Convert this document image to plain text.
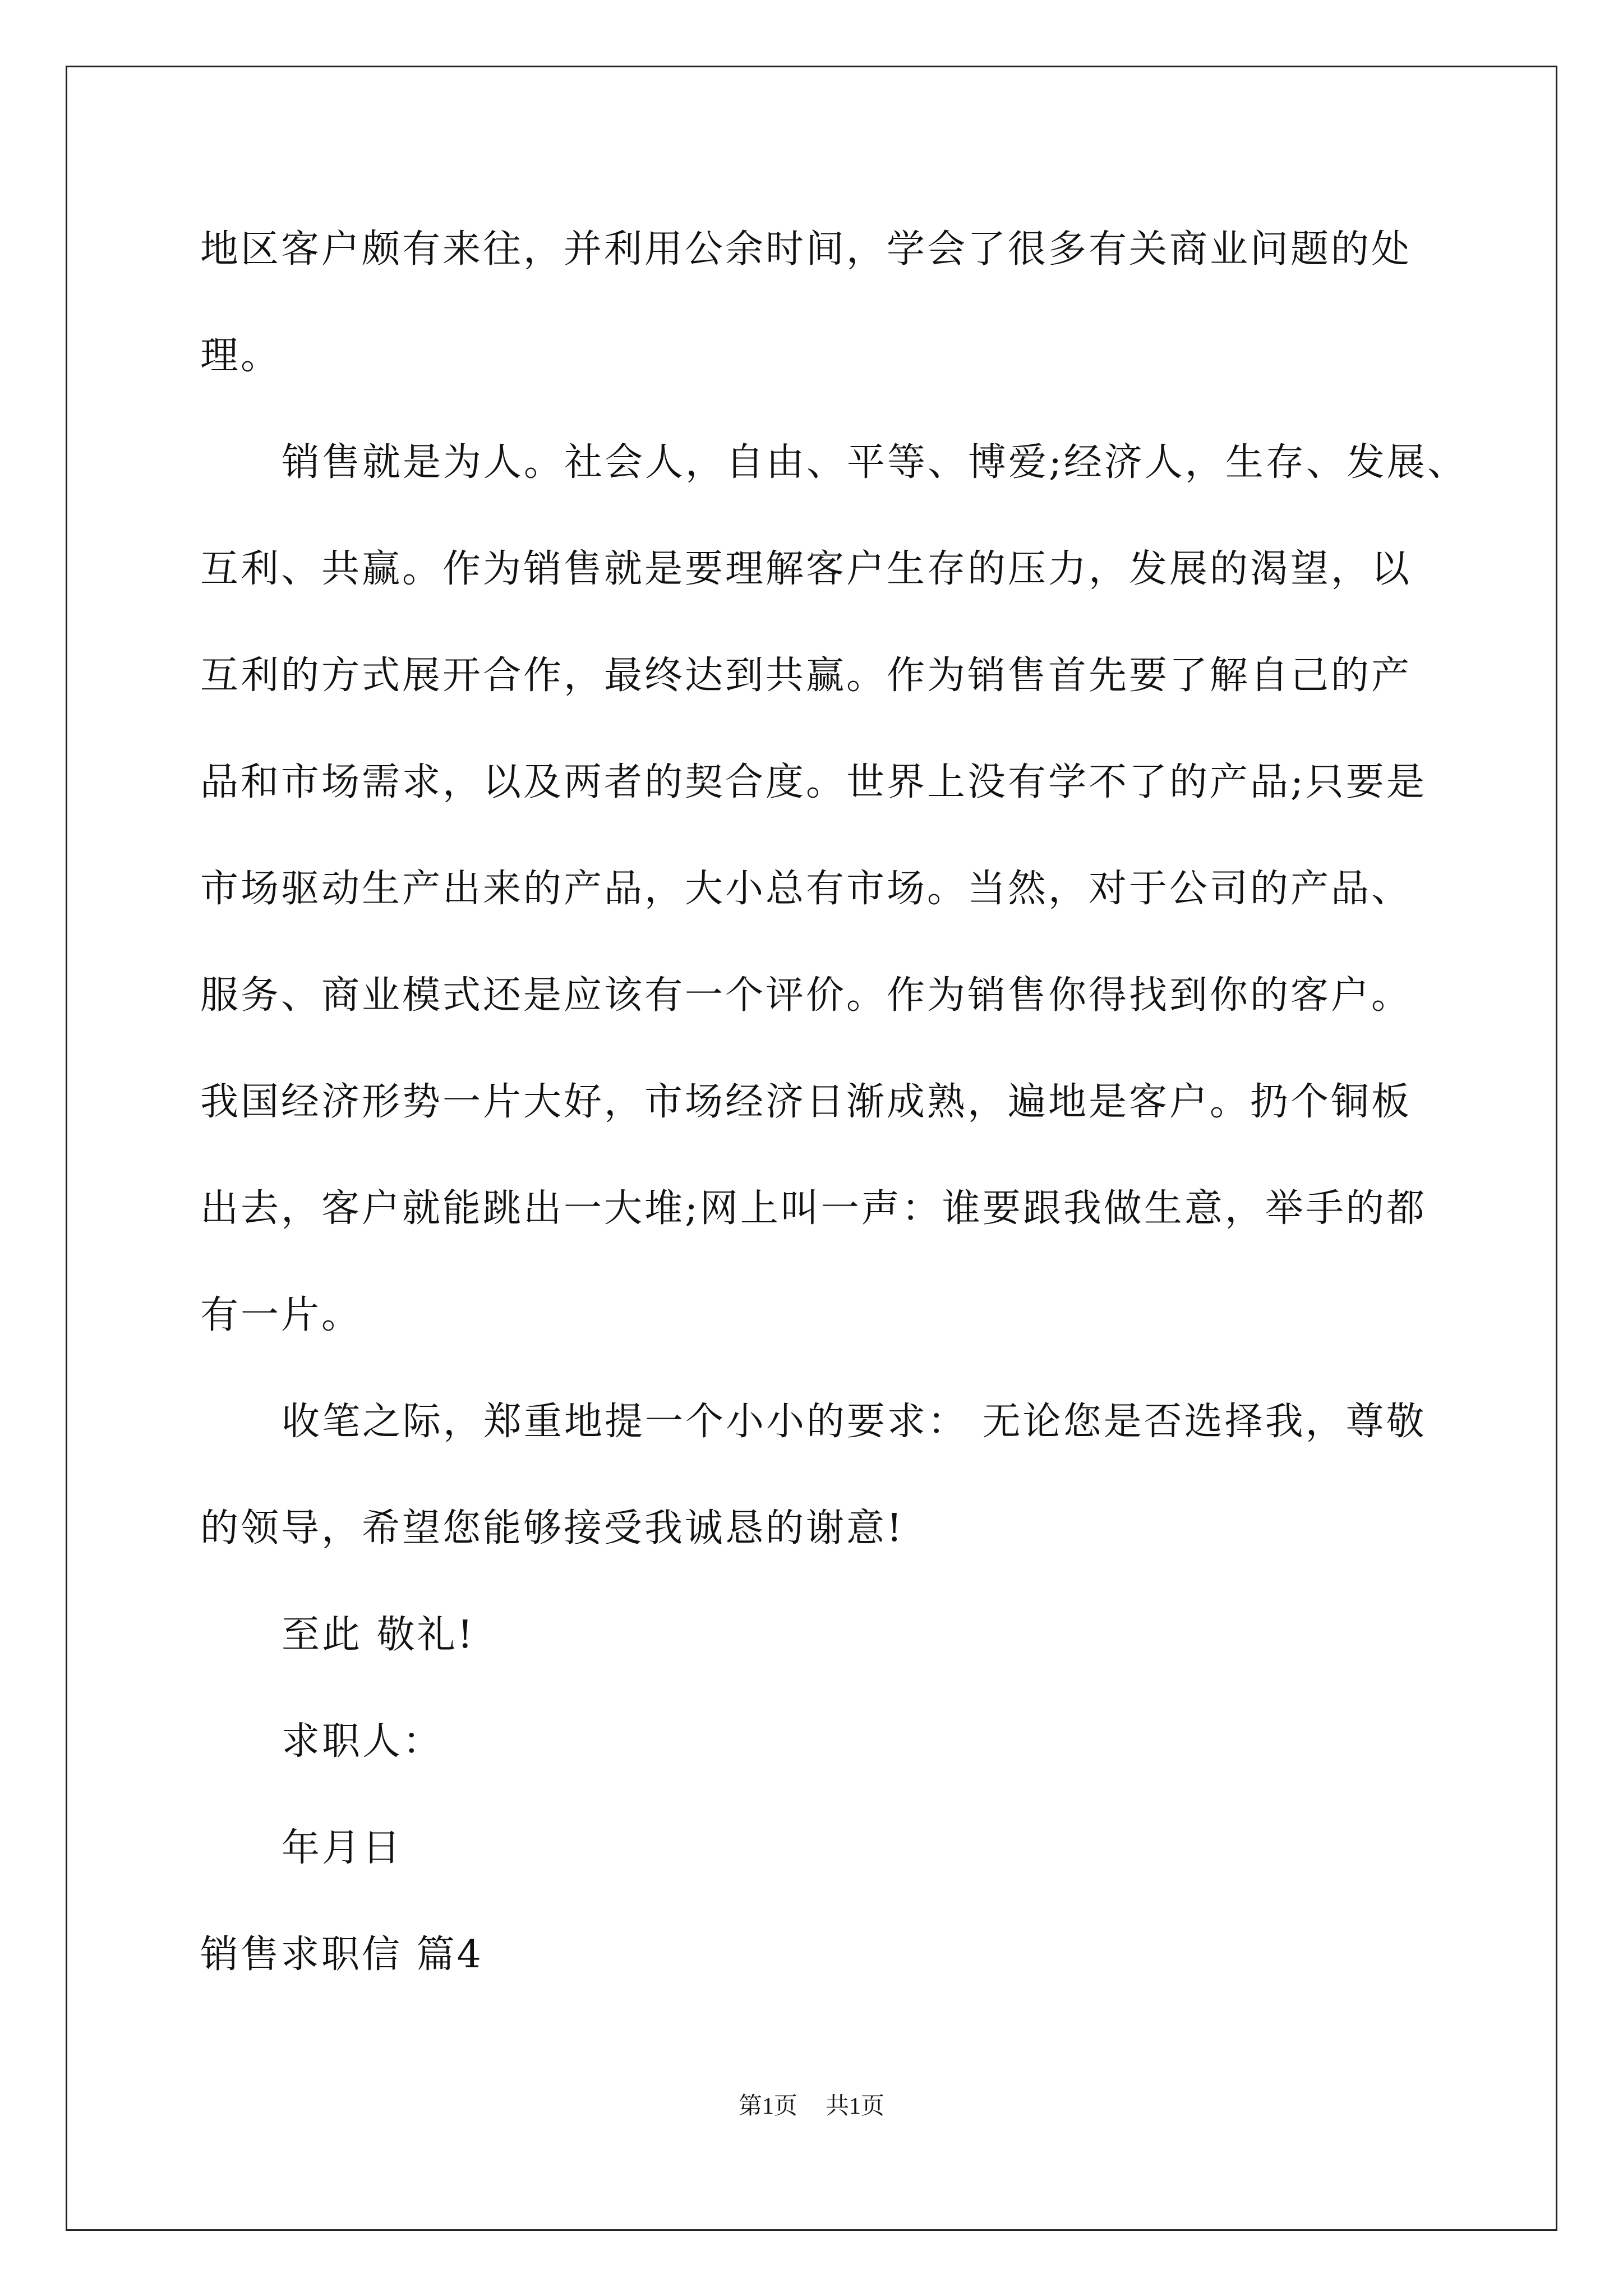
地区客户颇有来往，并利用公余时间，学会了很多有关商业问题的处
理。
销售就是为人。社会人，自由、平等、博爱;经济人，生存、发展、
互利、共赢。作为销售就是要理解客户生存的压力，发展的渴望，以
互利的方式展开合作，最终达到共赢。作为销售首先要了解自己的产
品和市场需求，以及两者的契合度。世界上没有学不了的产品;只要是
市场驱动生产出来的产品，大小总有市场。当然，对于公司的产品、
服务、商业模式还是应该有一个评价。作为销售你得找到你的客户。
我国经济形势一片大好，市场经济日渐成熟，遍地是客户。扔个铜板
出去，客户就能跳出一大堆;网上叫一声：谁要跟我做生意，举手的都
有一片。
收笔之际，郑重地提一个小小的要求： 无论您是否选择我，尊敬
的领导，希望您能够接受我诚恳的谢意!
至此 敬礼!
求职人：
年月日
销售求职信 篇4
第1页 共1页
